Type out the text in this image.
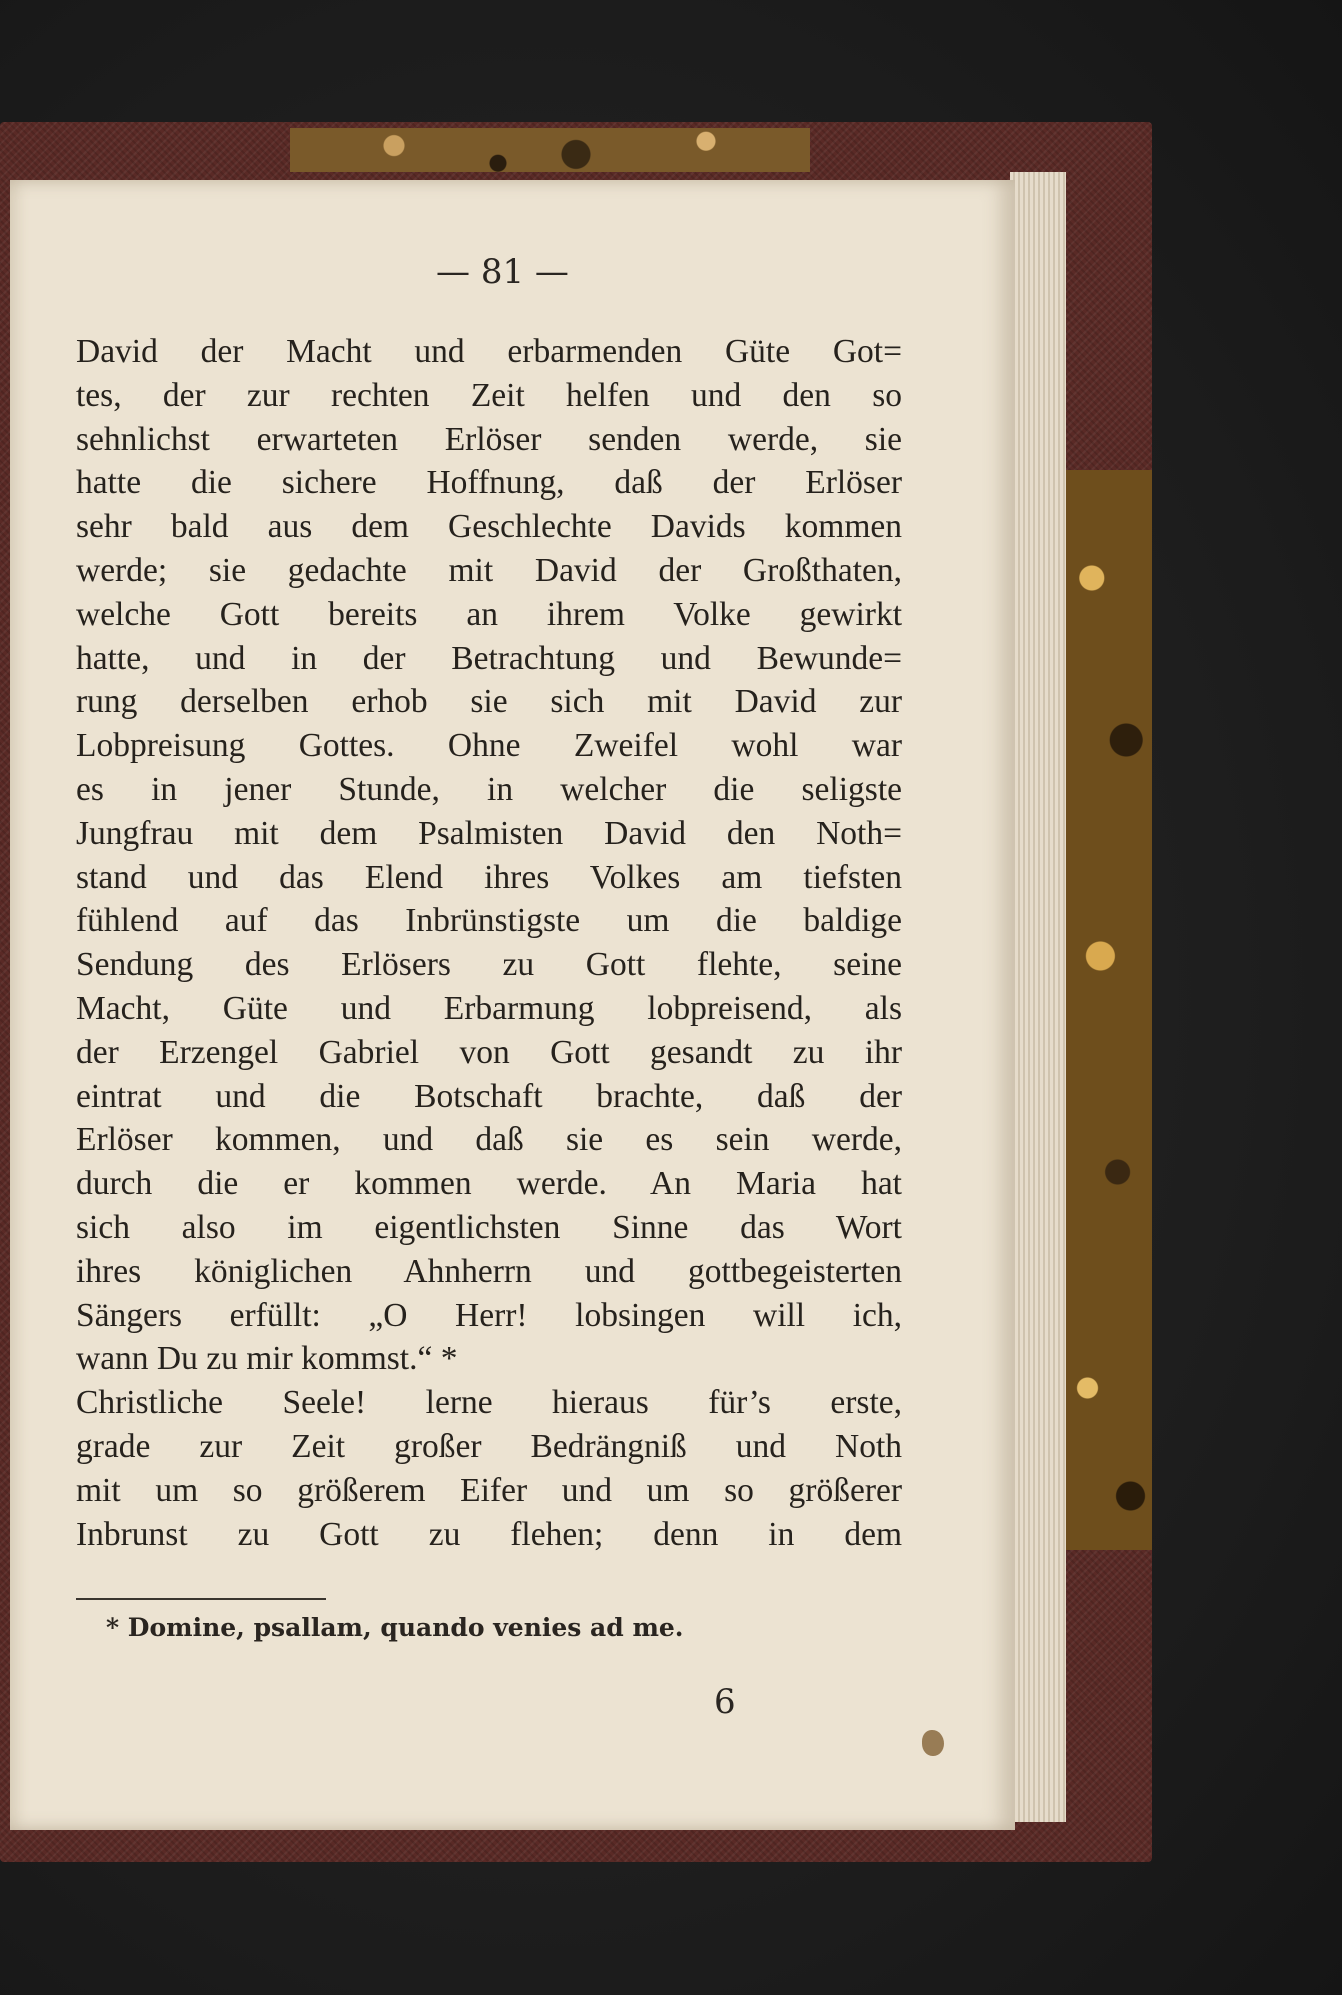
— 81 —
David der Macht und erbarmenden Güte Got=
tes, der zur rechten Zeit helfen und den so
sehnlichst erwarteten Erlöser senden werde, sie
hatte die sichere Hoffnung, daß der Erlöser
sehr bald aus dem Geschlechte Davids kommen
werde; sie gedachte mit David der Großthaten,
welche Gott bereits an ihrem Volke gewirkt
hatte, und in der Betrachtung und Bewunde=
rung derselben erhob sie sich mit David zur
Lobpreisung Gottes. Ohne Zweifel wohl war
es in jener Stunde, in welcher die seligste
Jungfrau mit dem Psalmisten David den Noth=
stand und das Elend ihres Volkes am tiefsten
fühlend auf das Inbrünstigste um die baldige
Sendung des Erlösers zu Gott flehte, seine
Macht, Güte und Erbarmung lobpreisend, als
der Erzengel Gabriel von Gott gesandt zu ihr
eintrat und die Botschaft brachte, daß der
Erlöser kommen, und daß sie es sein werde,
durch die er kommen werde. An Maria hat
sich also im eigentlichsten Sinne das Wort
ihres königlichen Ahnherrn und gottbegeisterten
Sängers erfüllt: „O Herr! lobsingen will ich,
wann Du zu mir kommst.“ *
Christliche Seele! lerne hieraus für’s erste,
grade zur Zeit großer Bedrängniß und Noth
mit um so größerem Eifer und um so größerer
Inbrunst zu Gott zu flehen; denn in dem
* Domine, psallam, quando venies ad me.
6
